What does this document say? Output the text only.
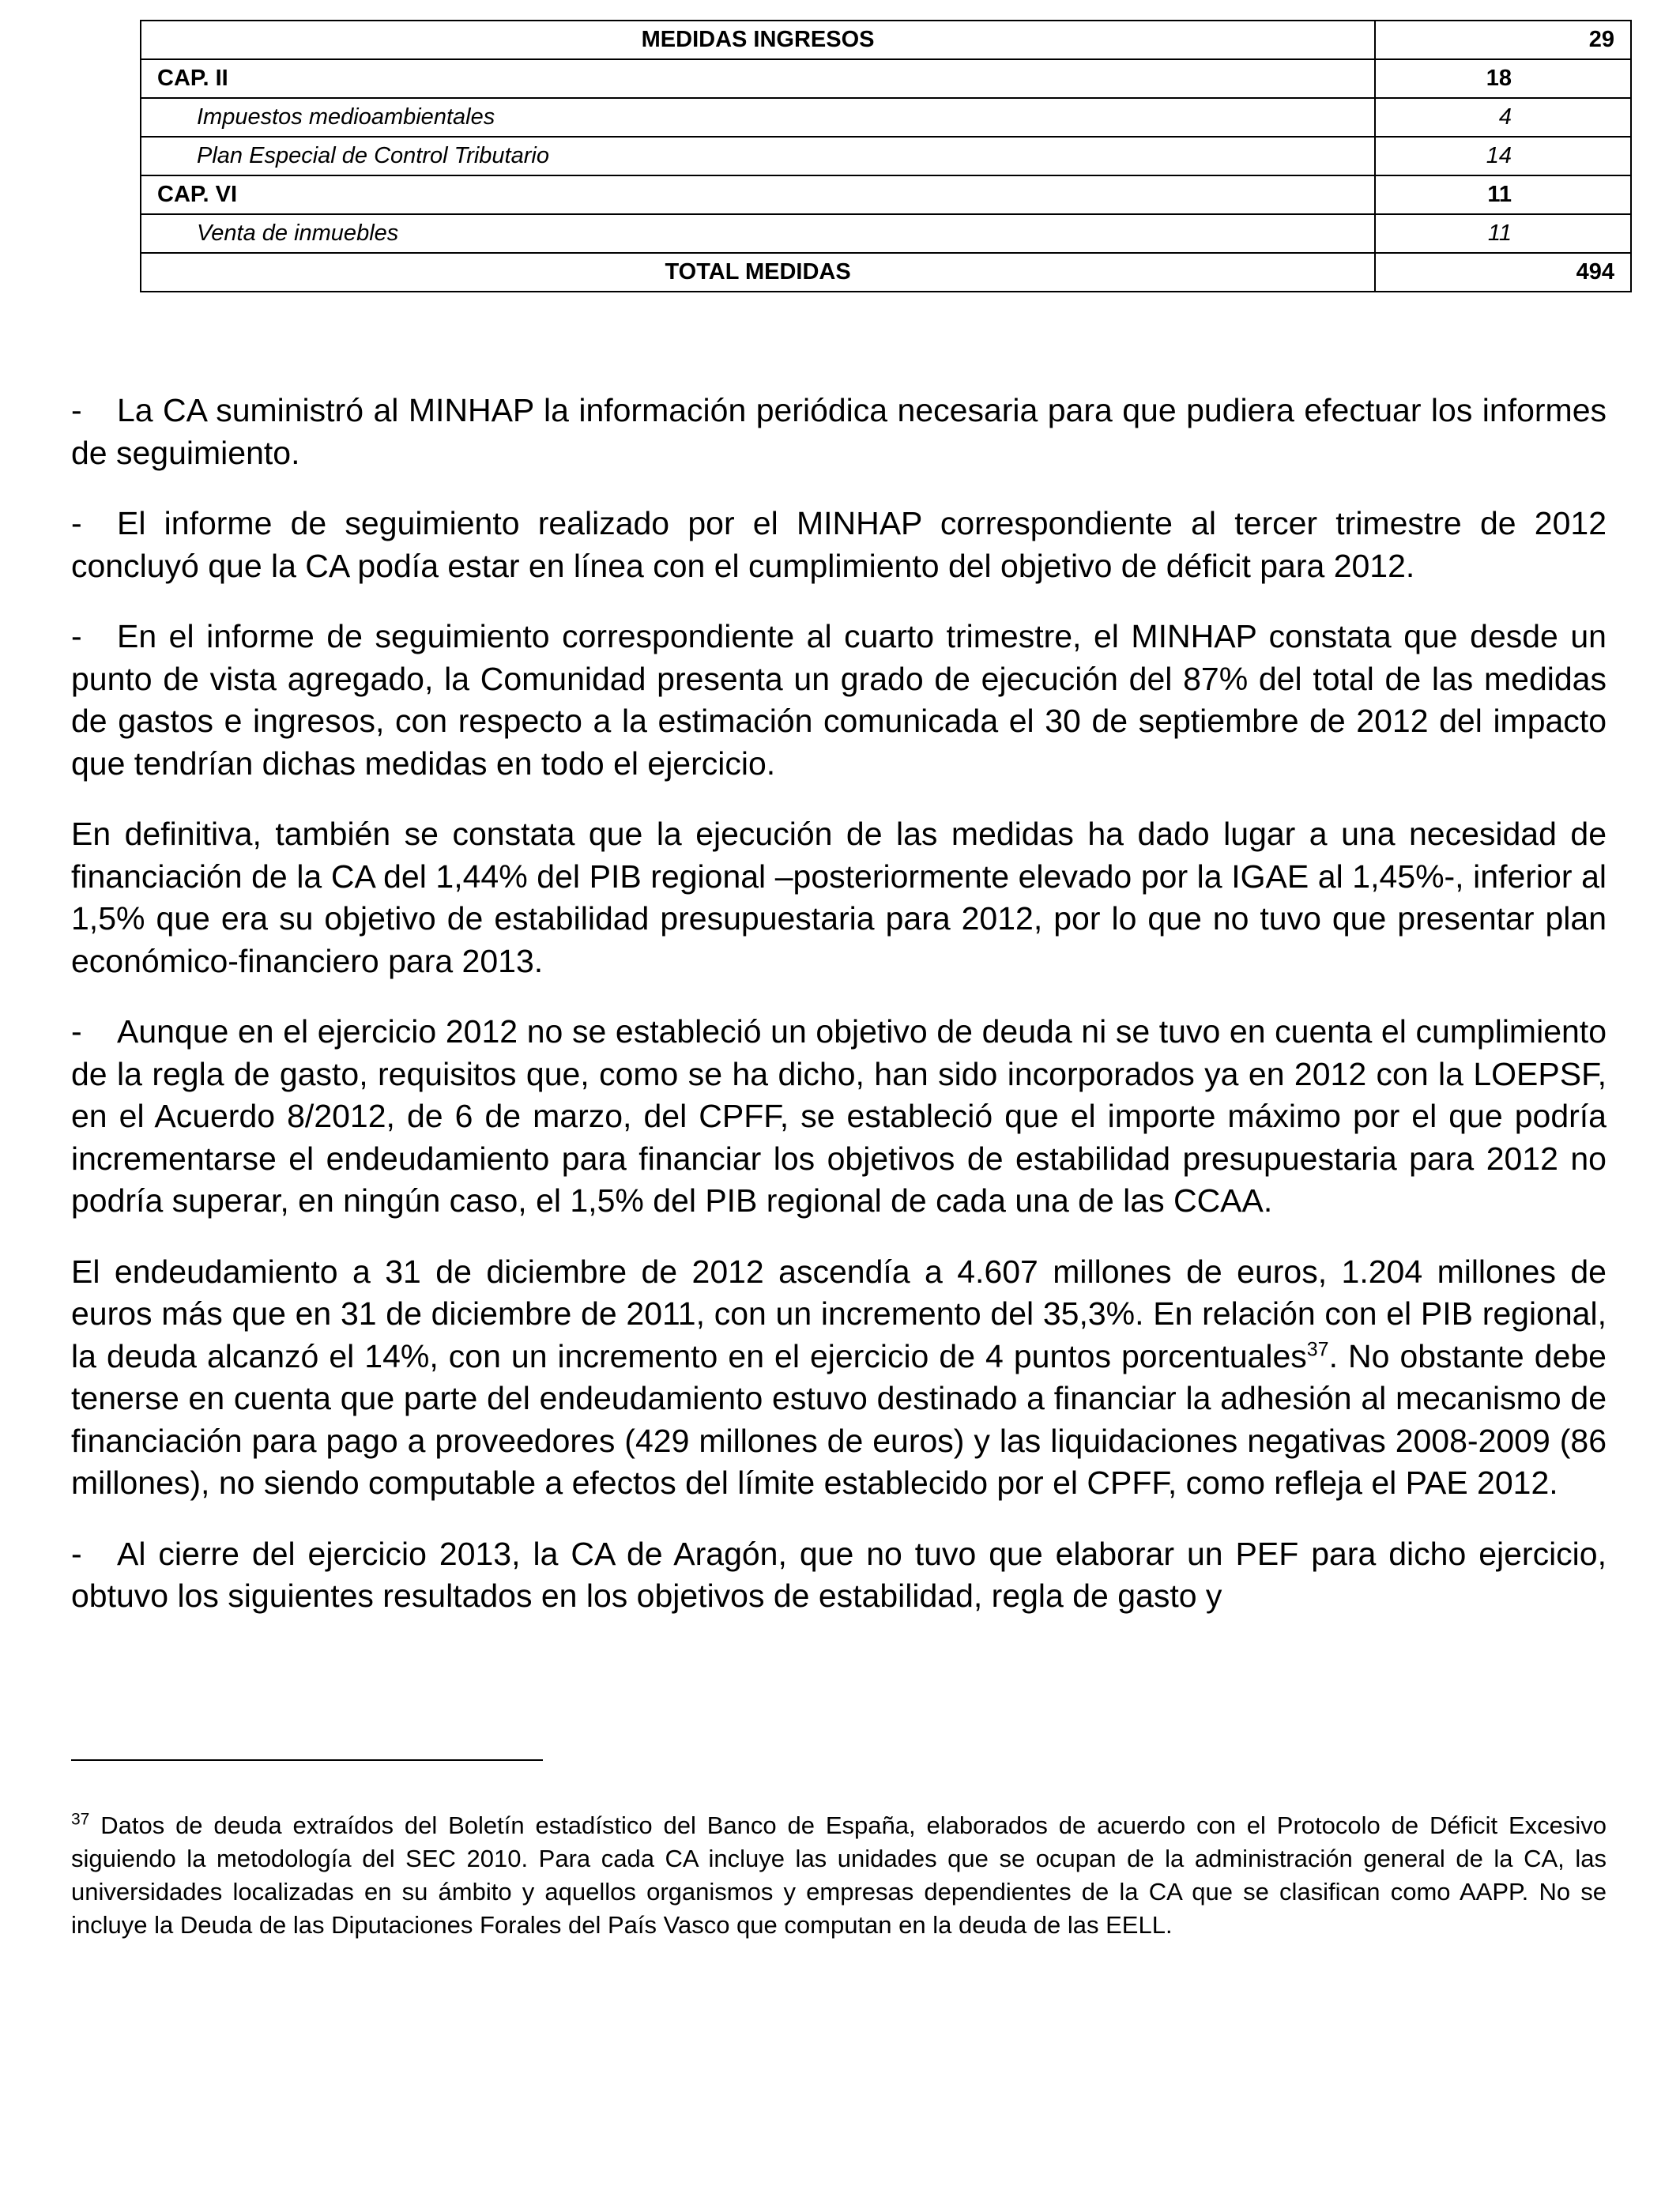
MEDIDAS INGRESOS	29
CAP. II	18
Impuestos medioambientales	4
Plan Especial de Control Tributario	14
CAP. VI	11
Venta de inmuebles	11
TOTAL MEDIDAS	494

- La CA suministró al MINHAP la información periódica necesaria para que pudiera efectuar los informes de seguimiento.

- El informe de seguimiento realizado por el MINHAP correspondiente al tercer trimestre de 2012 concluyó que la CA podía estar en línea con el cumplimiento del objetivo de déficit para 2012.

- En el informe de seguimiento correspondiente al cuarto trimestre, el MINHAP constata que desde un punto de vista agregado, la Comunidad presenta un grado de ejecución del 87% del total de las medidas de gastos e ingresos, con respecto a la estimación comunicada el 30 de septiembre de 2012 del impacto que tendrían dichas medidas en todo el ejercicio.

En definitiva, también se constata que la ejecución de las medidas ha dado lugar a una necesidad de financiación de la CA del 1,44% del PIB regional –posteriormente elevado por la IGAE al 1,45%-, inferior al 1,5% que era su objetivo de estabilidad presupuestaria para 2012, por lo que no tuvo que presentar plan económico-financiero para 2013.

- Aunque en el ejercicio 2012 no se estableció un objetivo de deuda ni se tuvo en cuenta el cumplimiento de la regla de gasto, requisitos que, como se ha dicho, han sido incorporados ya en 2012 con la LOEPSF, en el Acuerdo 8/2012, de 6 de marzo, del CPFF, se estableció que el importe máximo por el que podría incrementarse el endeudamiento para financiar los objetivos de estabilidad presupuestaria para 2012 no podría superar, en ningún caso, el 1,5% del PIB regional de cada una de las CCAA.

El endeudamiento a 31 de diciembre de 2012 ascendía a 4.607 millones de euros, 1.204 millones de euros más que en 31 de diciembre de 2011, con un incremento del 35,3%. En relación con el PIB regional, la deuda alcanzó el 14%, con un incremento en el ejercicio de 4 puntos porcentuales$^{37}$. No obstante debe tenerse en cuenta que parte del endeudamiento estuvo destinado a financiar la adhesión al mecanismo de financiación para pago a proveedores (429 millones de euros) y las liquidaciones negativas 2008-2009 (86 millones), no siendo computable a efectos del límite establecido por el CPFF, como refleja el PAE 2012.

- Al cierre del ejercicio 2013, la CA de Aragón, que no tuvo que elaborar un PEF para dicho ejercicio, obtuvo los siguientes resultados en los objetivos de estabilidad, regla de gasto y

$^{37}$ Datos de deuda extraídos del Boletín estadístico del Banco de España, elaborados de acuerdo con el Protocolo de Déficit Excesivo siguiendo la metodología del SEC 2010. Para cada CA incluye las unidades que se ocupan de la administración general de la CA, las universidades localizadas en su ámbito y aquellos organismos y empresas dependientes de la CA que se clasifican como AAPP. No se incluye la Deuda de las Diputaciones Forales del País Vasco que computan en la deuda de las EELL.
